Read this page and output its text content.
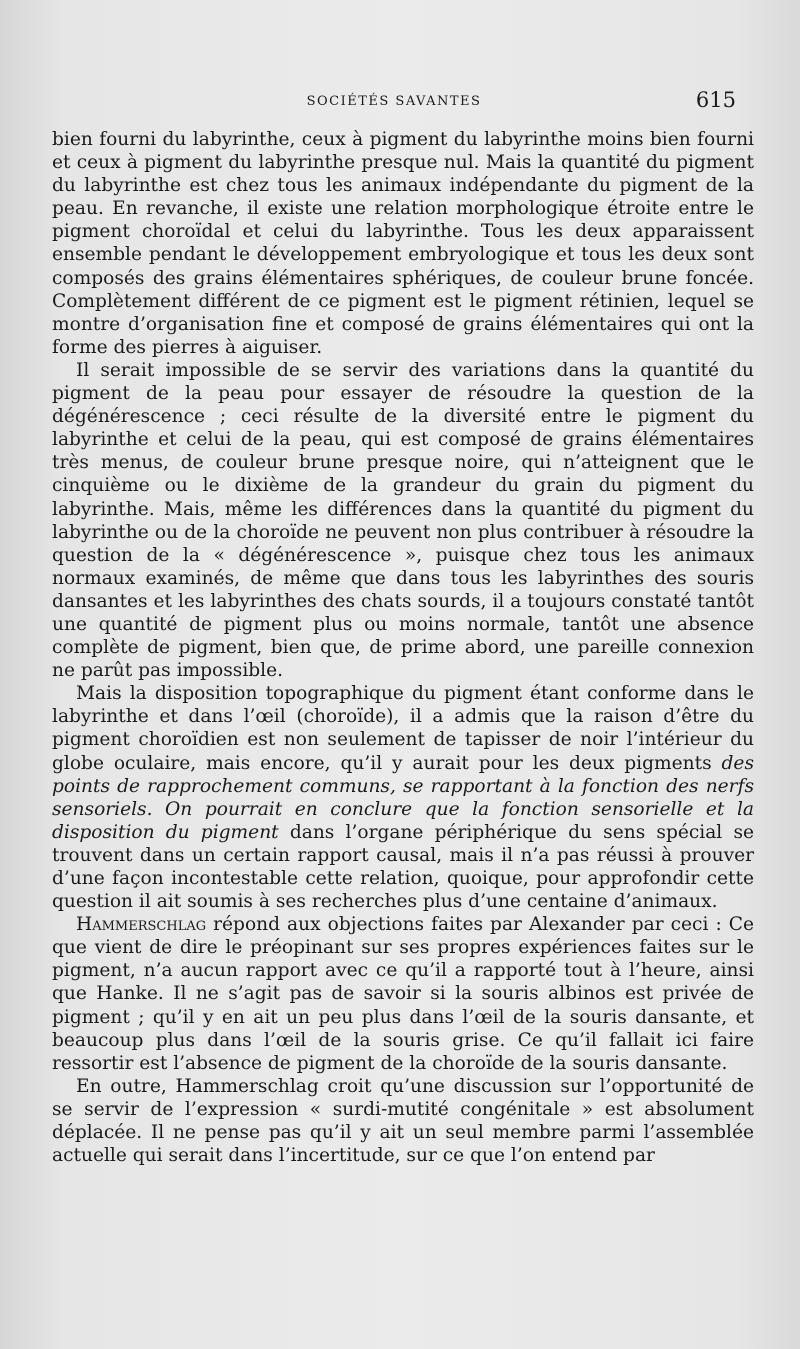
SOCIÉTÉS SAVANTES	615

bien fourni du labyrinthe, ceux à pigment du labyrinthe moins bien fourni et ceux à pigment du labyrinthe presque nul. Mais la quantité du pigment du labyrinthe est chez tous les animaux indépendante du pigment de la peau. En revanche, il existe une relation morphologique étroite entre le pigment choroïdal et celui du labyrinthe. Tous les deux apparaissent ensemble pendant le développement embryologique et tous les deux sont composés des grains élémentaires sphériques, de couleur brune foncée. Complètement différent de ce pigment est le pigment rétinien, lequel se montre d’organisation fine et composé de grains élémentaires qui ont la forme des pierres à aiguiser.

Il serait impossible de se servir des variations dans la quantité du pigment de la peau pour essayer de résoudre la question de la dégénérescence ; ceci résulte de la diversité entre le pigment du labyrinthe et celui de la peau, qui est composé de grains élémentaires très menus, de couleur brune presque noire, qui n’atteignent que le cinquième ou le dixième de la grandeur du grain du pigment du labyrinthe. Mais, même les différences dans la quantité du pigment du labyrinthe ou de la choroïde ne peuvent non plus contribuer à résoudre la question de la « dégénérescence », puisque chez tous les animaux normaux examinés, de même que dans tous les labyrinthes des souris dansantes et les labyrinthes des chats sourds, il a toujours constaté tantôt une quantité de pigment plus ou moins normale, tantôt une absence complète de pigment, bien que, de prime abord, une pareille connexion ne parût pas impossible.

Mais la disposition topographique du pigment étant conforme dans le labyrinthe et dans l’œil (choroïde), il a admis que la raison d’être du pigment choroïdien est non seulement de tapisser de noir l’intérieur du globe oculaire, mais encore, qu’il y aurait pour les deux pigments des points de rapprochement communs, se rapportant à la fonction des nerfs sensoriels. On pourrait en conclure que la fonction sensorielle et la disposition du pigment dans l’organe périphérique du sens spécial se trouvent dans un certain rapport causal, mais il n’a pas réussi à prouver d’une façon incontestable cette relation, quoique, pour approfondir cette question il ait soumis à ses recherches plus d’une centaine d’animaux.

Hammerschlag répond aux objections faites par Alexander par ceci : Ce que vient de dire le préopinant sur ses propres expériences faites sur le pigment, n’a aucun rapport avec ce qu’il a rapporté tout à l’heure, ainsi que Hanke. Il ne s’agit pas de savoir si la souris albinos est privée de pigment ; qu’il y en ait un peu plus dans l’œil de la souris dansante, et beaucoup plus dans l’œil de la souris grise. Ce qu’il fallait ici faire ressortir est l’absence de pigment de la choroïde de la souris dansante.

En outre, Hammerschlag croit qu’une discussion sur l’opportunité de se servir de l’expression « surdi-mutité congénitale » est absolument déplacée. Il ne pense pas qu’il y ait un seul membre parmi l’assemblée actuelle qui serait dans l’incertitude, sur ce que l’on entend par
